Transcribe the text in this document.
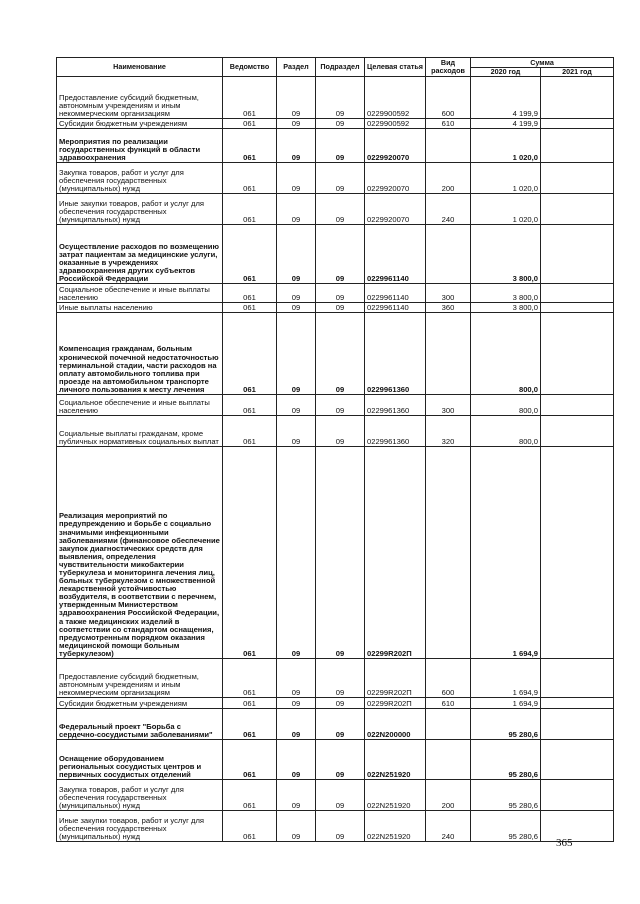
Наименование	Ведомство	Раздел	Подраздел	Целевая статья	Вид расходов	Сумма	
						2020 год	2021 год
Предоставление субсидий бюджетным, автономным учреждениям и иным некоммерческим организациям	061	09	09	0229900592	600	4 199,9	
Субсидии бюджетным учреждениям	061	09	09	0229900592	610	4 199,9	
Мероприятия по реализации государственных функций в области здравоохранения	061	09	09	0229920070		1 020,0	
Закупка товаров, работ и услуг для обеспечения государственных (муниципальных) нужд	061	09	09	0229920070	200	1 020,0	
Иные закупки товаров, работ и услуг для обеспечения государственных (муниципальных) нужд	061	09	09	0229920070	240	1 020,0	
Осуществление расходов по возмещению затрат пациентам за медицинские услуги, оказанные в учреждениях здравоохранения других субъектов Российской Федерации	061	09	09	0229961140		3 800,0	
Социальное обеспечение и иные выплаты населению	061	09	09	0229961140	300	3 800,0	
Иные выплаты населению	061	09	09	0229961140	360	3 800,0	
Компенсация гражданам, больным хронической почечной недостаточностью терминальной стадии, части расходов на оплату автомобильного топлива при проезде на автомобильном транспорте личного пользования к месту лечения	061	09	09	0229961360		800,0	
Социальное обеспечение и иные выплаты населению	061	09	09	0229961360	300	800,0	
Социальные выплаты гражданам, кроме публичных нормативных социальных выплат	061	09	09	0229961360	320	800,0	
Реализация мероприятий по предупреждению и борьбе с социально значимыми инфекционными заболеваниями (финансовое обеспечение закупок диагностических средств для выявления, определения чувствительности микобактерии туберкулеза и мониторинга лечения лиц, больных туберкулезом с множественной лекарственной устойчивостью возбудителя, в соответствии с перечнем, утвержденным Министерством здравоохранения Российской Федерации, а также медицинских изделий в соответствии со стандартом оснащения, предусмотренным порядком оказания медицинской помощи больным туберкулезом)	061	09	09	02299R202П		1 694,9	
Предоставление субсидий бюджетным, автономным учреждениям и иным некоммерческим организациям	061	09	09	02299R202П	600	1 694,9	
Субсидии бюджетным учреждениям	061	09	09	02299R202П	610	1 694,9	
Федеральный проект "Борьба с сердечно-сосудистыми заболеваниями"	061	09	09	022N200000		95 280,6	
Оснащение оборудованием региональных сосудистых центров и первичных сосудистых отделений	061	09	09	022N251920		95 280,6	
Закупка товаров, работ и услуг для обеспечения государственных (муниципальных) нужд	061	09	09	022N251920	200	95 280,6	
Иные закупки товаров, работ и услуг для обеспечения государственных (муниципальных) нужд	061	09	09	022N251920	240	95 280,6	
365
